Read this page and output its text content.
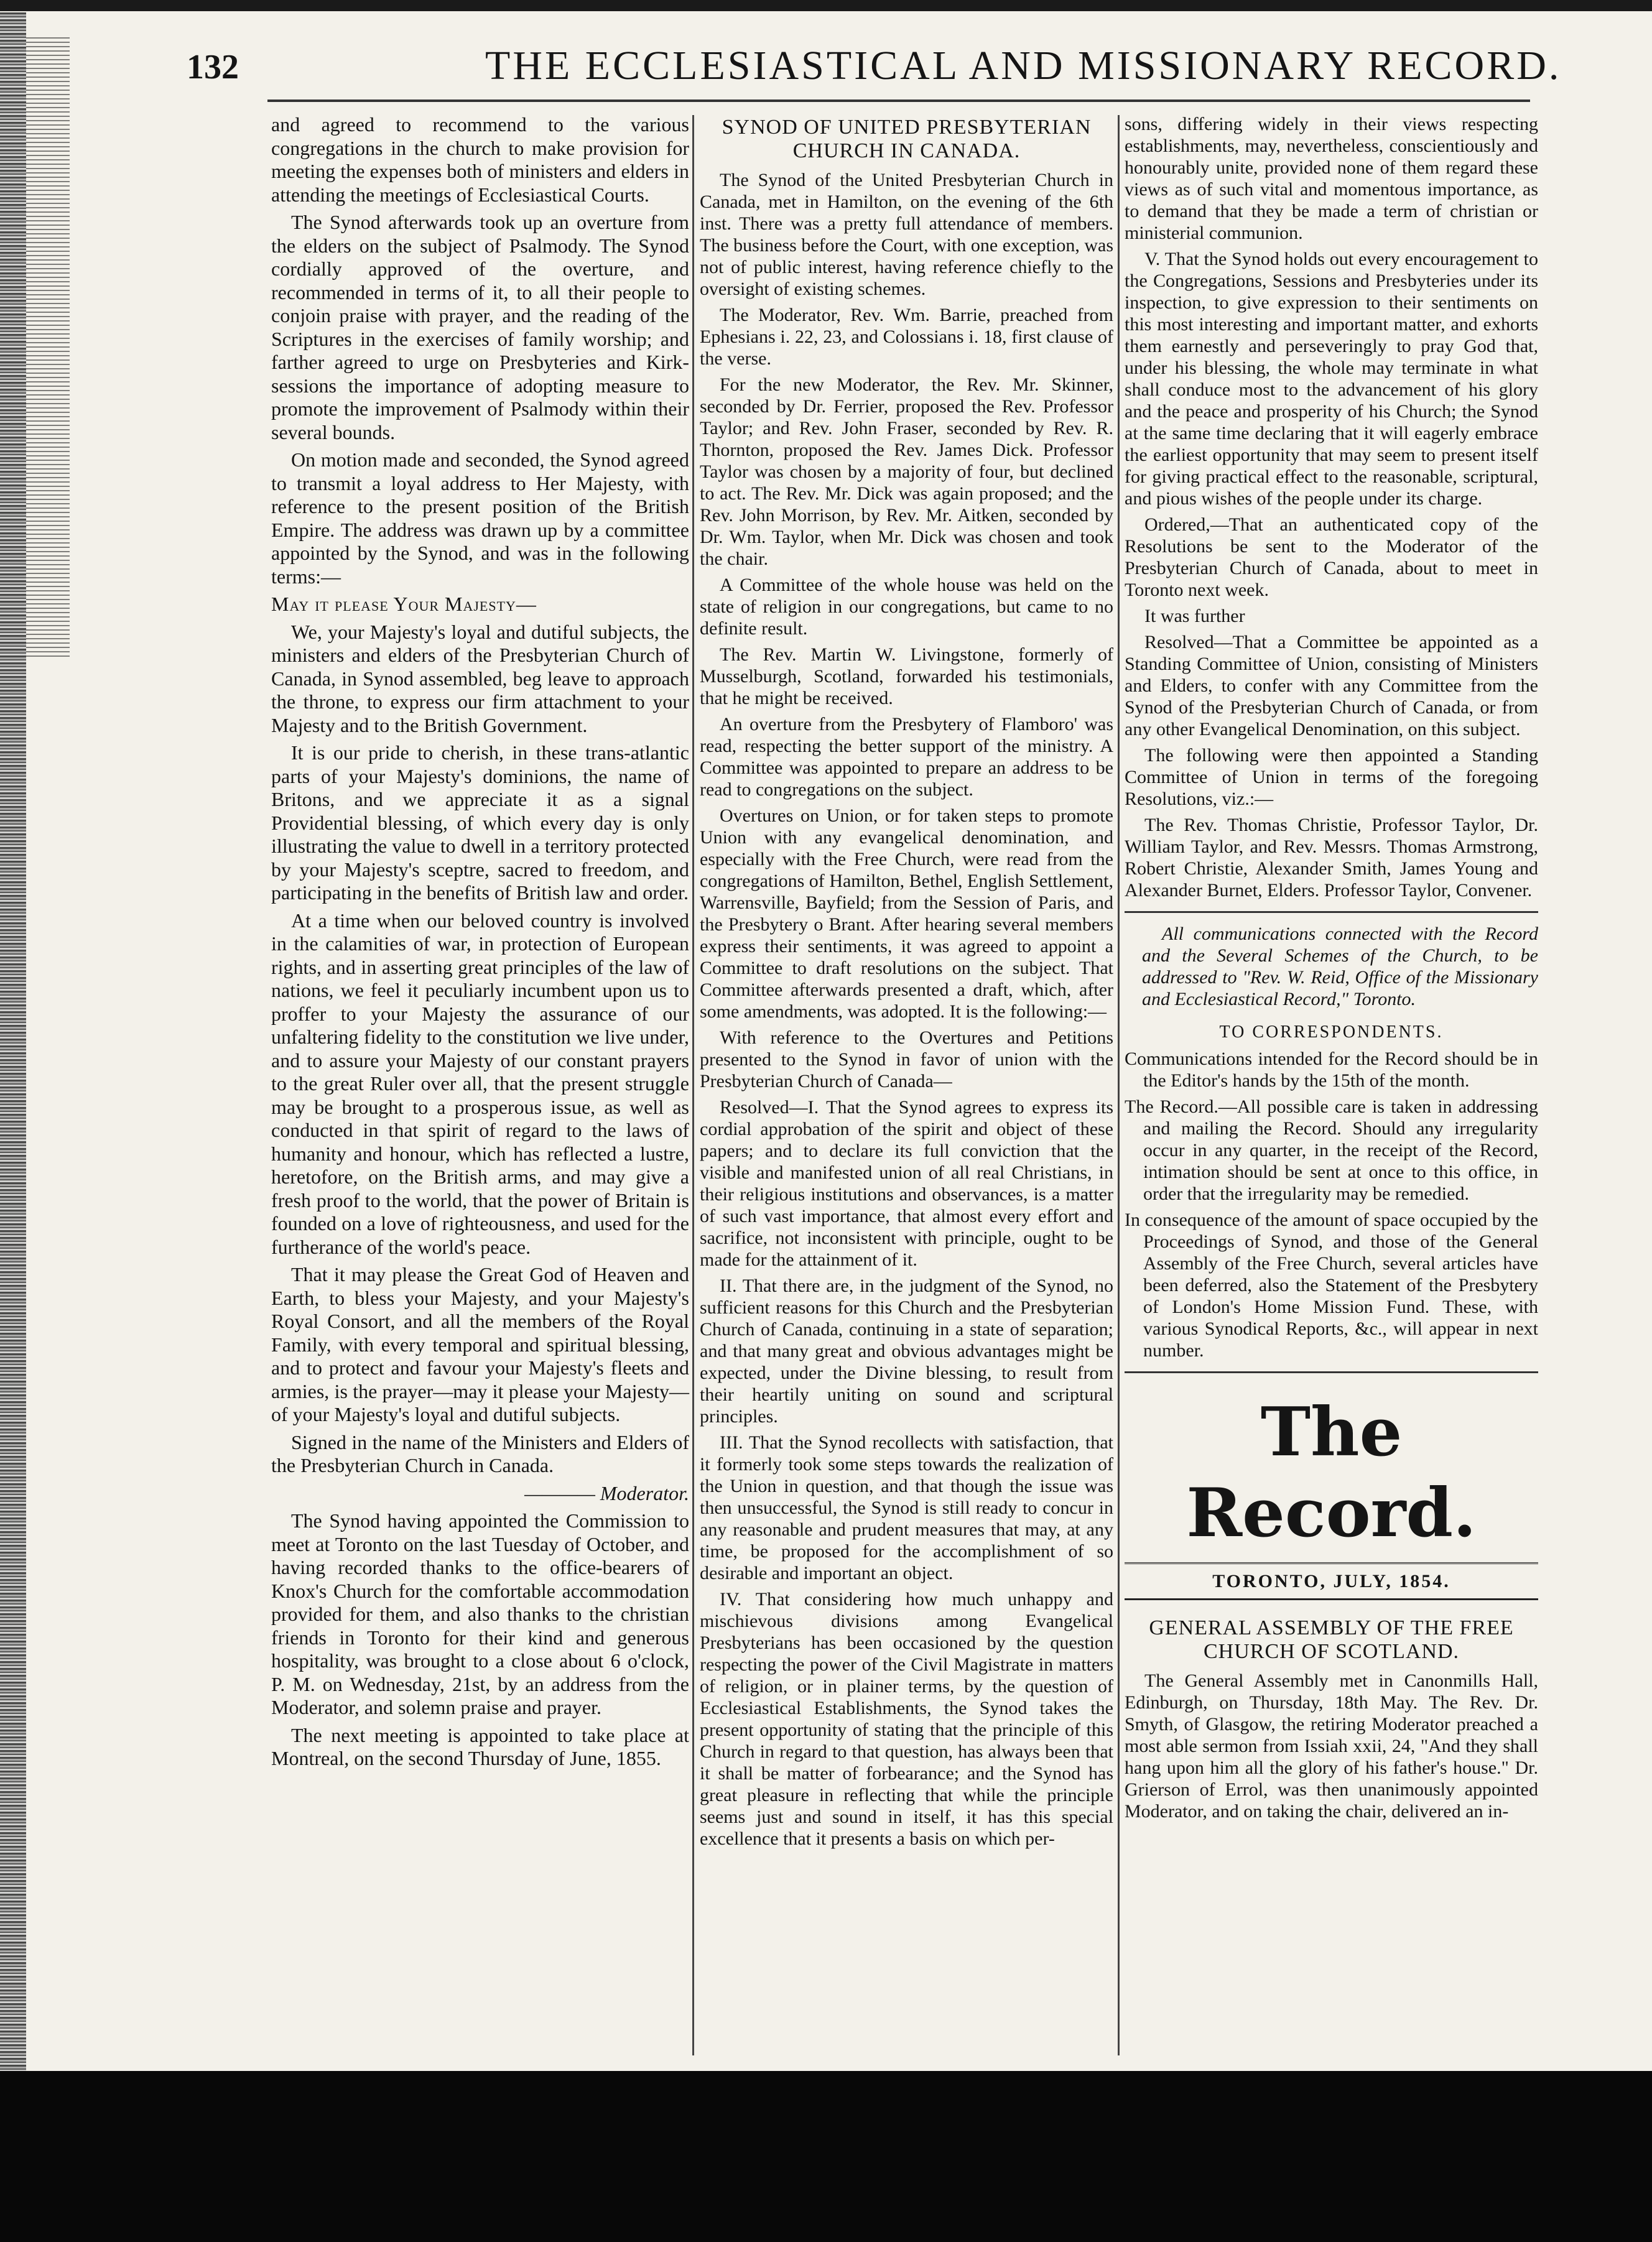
132	THE ECCLESIASTICAL AND MISSIONARY RECORD.

and agreed to recommend to the various congregations in the church to make provision for meeting the expenses both of ministers and elders in attending the meetings of Ecclesiastical Courts.

The Synod afterwards took up an overture from the elders on the subject of Psalmody. The Synod cordially approved of the overture, and recommended in terms of it, to all their people to conjoin praise with prayer, and the reading of the Scriptures in the exercises of family worship; and farther agreed to urge on Presbyteries and Kirk-sessions the importance of adopting measure to promote the improvement of Psalmody within their several bounds.

On motion made and seconded, the Synod agreed to transmit a loyal address to Her Majesty, with reference to the present position of the British Empire. The address was drawn up by a committee appointed by the Synod, and was in the following terms:—

May it please Your Majesty—

We, your Majesty's loyal and dutiful subjects, the ministers and elders of the Presbyterian Church of Canada, in Synod assembled, beg leave to approach the throne, to express our firm attachment to your Majesty and to the British Government.

It is our pride to cherish, in these trans-atlantic parts of your Majesty's dominions, the name of Britons, and we appreciate it as a signal Providential blessing, of which every day is only illustrating the value to dwell in a territory protected by your Majesty's sceptre, sacred to freedom, and participating in the benefits of British law and order.

At a time when our beloved country is involved in the calamities of war, in protection of European rights, and in asserting great principles of the law of nations, we feel it peculiarly incumbent upon us to proffer to your Majesty the assurance of our unfaltering fidelity to the constitution we live under, and to assure your Majesty of our constant prayers to the great Ruler over all, that the present struggle may be brought to a prosperous issue, as well as conducted in that spirit of regard to the laws of humanity and honour, which has reflected a lustre, heretofore, on the British arms, and may give a fresh proof to the world, that the power of Britain is founded on a love of righteousness, and used for the furtherance of the world's peace.

That it may please the Great God of Heaven and Earth, to bless your Majesty, and your Majesty's Royal Consort, and all the members of the Royal Family, with every temporal and spiritual blessing, and to protect and favour your Majesty's fleets and armies, is the prayer—may it please your Majesty—of your Majesty's loyal and dutiful subjects.

Signed in the name of the Ministers and Elders of the Presbyterian Church in Canada.

———— Moderator.

The Synod having appointed the Commission to meet at Toronto on the last Tuesday of October, and having recorded thanks to the office-bearers of Knox's Church for the comfortable accommodation provided for them, and also thanks to the christian friends in Toronto for their kind and generous hospitality, was brought to a close about 6 o'clock, P. M. on Wednesday, 21st, by an address from the Moderator, and solemn praise and prayer.

The next meeting is appointed to take place at Montreal, on the second Thursday of June, 1855.

SYNOD OF UNITED PRESBYTERIAN CHURCH IN CANADA.

The Synod of the United Presbyterian Church in Canada, met in Hamilton, on the evening of the 6th inst. There was a pretty full attendance of members. The business before the Court, with one exception, was not of public interest, having reference chiefly to the oversight of existing schemes.

The Moderator, Rev. Wm. Barrie, preached from Ephesians i. 22, 23, and Colossians i. 18, first clause of the verse.

For the new Moderator, the Rev. Mr. Skinner, seconded by Dr. Ferrier, proposed the Rev. Professor Taylor; and Rev. John Fraser, seconded by Rev. R. Thornton, proposed the Rev. James Dick. Professor Taylor was chosen by a majority of four, but declined to act. The Rev. Mr. Dick was again proposed; and the Rev. John Morrison, by Rev. Mr. Aitken, seconded by Dr. Wm. Taylor, when Mr. Dick was chosen and took the chair.

A Committee of the whole house was held on the state of religion in our congregations, but came to no definite result.

The Rev. Martin W. Livingstone, formerly of Musselburgh, Scotland, forwarded his testimonials, that he might be received.

An overture from the Presbytery of Flamboro' was read, respecting the better support of the ministry. A Committee was appointed to prepare an address to be read to congregations on the subject.

Overtures on Union, or for taken steps to promote Union with any evangelical denomination, and especially with the Free Church, were read from the congregations of Hamilton, Bethel, English Settlement, Warrensville, Bayfield; from the Session of Paris, and the Presbytery o Brant. After hearing several members express their sentiments, it was agreed to appoint a Committee to draft resolutions on the subject. That Committee afterwards presented a draft, which, after some amendments, was adopted. It is the following:—

With reference to the Overtures and Petitions presented to the Synod in favor of union with the Presbyterian Church of Canada—

Resolved—I. That the Synod agrees to express its cordial approbation of the spirit and object of these papers; and to declare its full conviction that the visible and manifested union of all real Christians, in their religious institutions and observances, is a matter of such vast importance, that almost every effort and sacrifice, not inconsistent with principle, ought to be made for the attainment of it.

II. That there are, in the judgment of the Synod, no sufficient reasons for this Church and the Presbyterian Church of Canada, continuing in a state of separation; and that many great and obvious advantages might be expected, under the Divine blessing, to result from their heartily uniting on sound and scriptural principles.

III. That the Synod recollects with satisfaction, that it formerly took some steps towards the realization of the Union in question, and that though the issue was then unsuccessful, the Synod is still ready to concur in any reasonable and prudent measures that may, at any time, be proposed for the accomplishment of so desirable and important an object.

IV. That considering how much unhappy and mischievous divisions among Evangelical Presbyterians has been occasioned by the question respecting the power of the Civil Magistrate in matters of religion, or in plainer terms, by the question of Ecclesiastical Establishments, the Synod takes the present opportunity of stating that the principle of this Church in regard to that question, has always been that it shall be matter of forbearance; and the Synod has great pleasure in reflecting that while the principle seems just and sound in itself, it has this special excellence that it presents a basis on which per-

sons, differing widely in their views respecting establishments, may, nevertheless, conscientiously and honourably unite, provided none of them regard these views as of such vital and momentous importance, as to demand that they be made a term of christian or ministerial communion.

V. That the Synod holds out every encouragement to the Congregations, Sessions and Presbyteries under its inspection, to give expression to their sentiments on this most interesting and important matter, and exhorts them earnestly and perseveringly to pray God that, under his blessing, the whole may terminate in what shall conduce most to the advancement of his glory and the peace and prosperity of his Church; the Synod at the same time declaring that it will eagerly embrace the earliest opportunity that may seem to present itself for giving practical effect to the reasonable, scriptural, and pious wishes of the people under its charge.

Ordered,—That an authenticated copy of the Resolutions be sent to the Moderator of the Presbyterian Church of Canada, about to meet in Toronto next week.

It was further

Resolved—That a Committee be appointed as a Standing Committee of Union, consisting of Ministers and Elders, to confer with any Committee from the Synod of the Presbyterian Church of Canada, or from any other Evangelical Denomination, on this subject.

The following were then appointed a Standing Committee of Union in terms of the foregoing Resolutions, viz.:—

The Rev. Thomas Christie, Professor Taylor, Dr. William Taylor, and Rev. Messrs. Thomas Armstrong, Robert Christie, Alexander Smith, James Young and Alexander Burnet, Elders. Professor Taylor, Convener.

All communications connected with the Record and the Several Schemes of the Church, to be addressed to "Rev. W. Reid, Office of the Missionary and Ecclesiastical Record," Toronto.

TO CORRESPONDENTS.

Communications intended for the Record should be in the Editor's hands by the 15th of the month.

The Record.—All possible care is taken in addressing and mailing the Record. Should any irregularity occur in any quarter, in the receipt of the Record, intimation should be sent at once to this office, in order that the irregularity may be remedied.

In consequence of the amount of space occupied by the Proceedings of Synod, and those of the General Assembly of the Free Church, several articles have been deferred, also the Statement of the Presbytery of London's Home Mission Fund. These, with various Synodical Reports, &c., will appear in next number.

The Record.
TORONTO, JULY, 1854.
GENERAL ASSEMBLY OF THE FREE CHURCH OF SCOTLAND.

The General Assembly met in Canonmills Hall, Edinburgh, on Thursday, 18th May. The Rev. Dr. Smyth, of Glasgow, the retiring Moderator preached a most able sermon from Issiah xxii, 24, "And they shall hang upon him all the glory of his father's house." Dr. Grierson of Errol, was then unanimously appointed Moderator, and on taking the chair, delivered an in-
